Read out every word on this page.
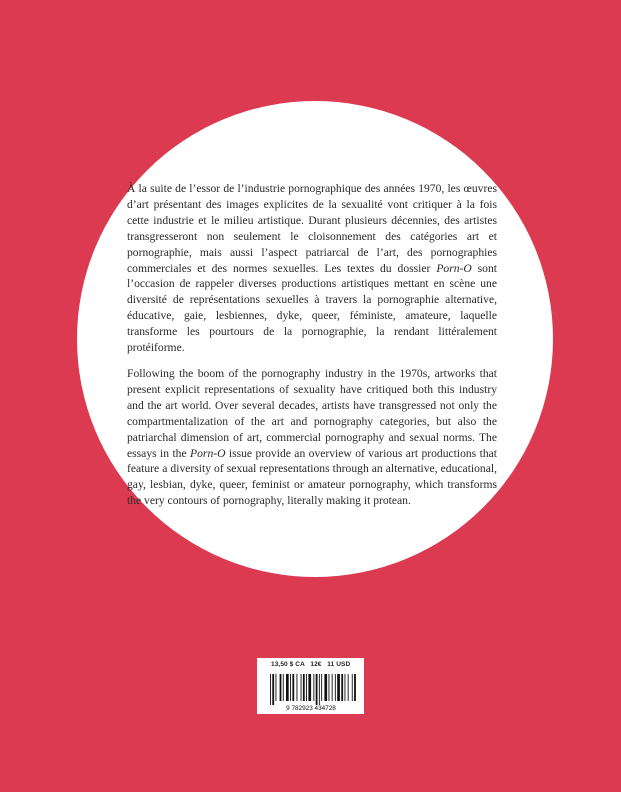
À la suite de l’essor de l’industrie pornographique des années 1970, les œuvres d’art présentant des images explicites de la sexualité vont critiquer à la fois cette industrie et le milieu artistique. Durant plusieurs décennies, des artistes transgresseront non seulement le cloisonnement des catégories art et pornographie, mais aussi l’aspect patriarcal de l’art, des pornographies commerciales et des normes sexuelles. Les textes du dossier Porn-O sont l’occasion de rappeler diverses productions artistiques mettant en scène une diversité de représentations sexuelles à travers la pornographie alternative, éducative, gaie, lesbiennes, dyke, queer, féministe, amateure, laquelle transforme les pourtours de la pornographie, la rendant littéralement protéiforme.

Following the boom of the pornography industry in the 1970s, artworks that present explicit representations of sexuality have critiqued both this industry and the art world. Over several decades, artists have transgressed not only the compartmentalization of the art and pornography categories, but also the patriarchal dimension of art, commercial pornography and sexual norms. The essays in the Porn-O issue provide an overview of various art productions that feature a diversity of sexual representations through an alternative, educational, gay, lesbian, dyke, queer, feminist or amateur pornography, which transforms the very contours of pornography, literally making it protean.

13,50 $ CA 12€ 11 USD
9 782923 434728
